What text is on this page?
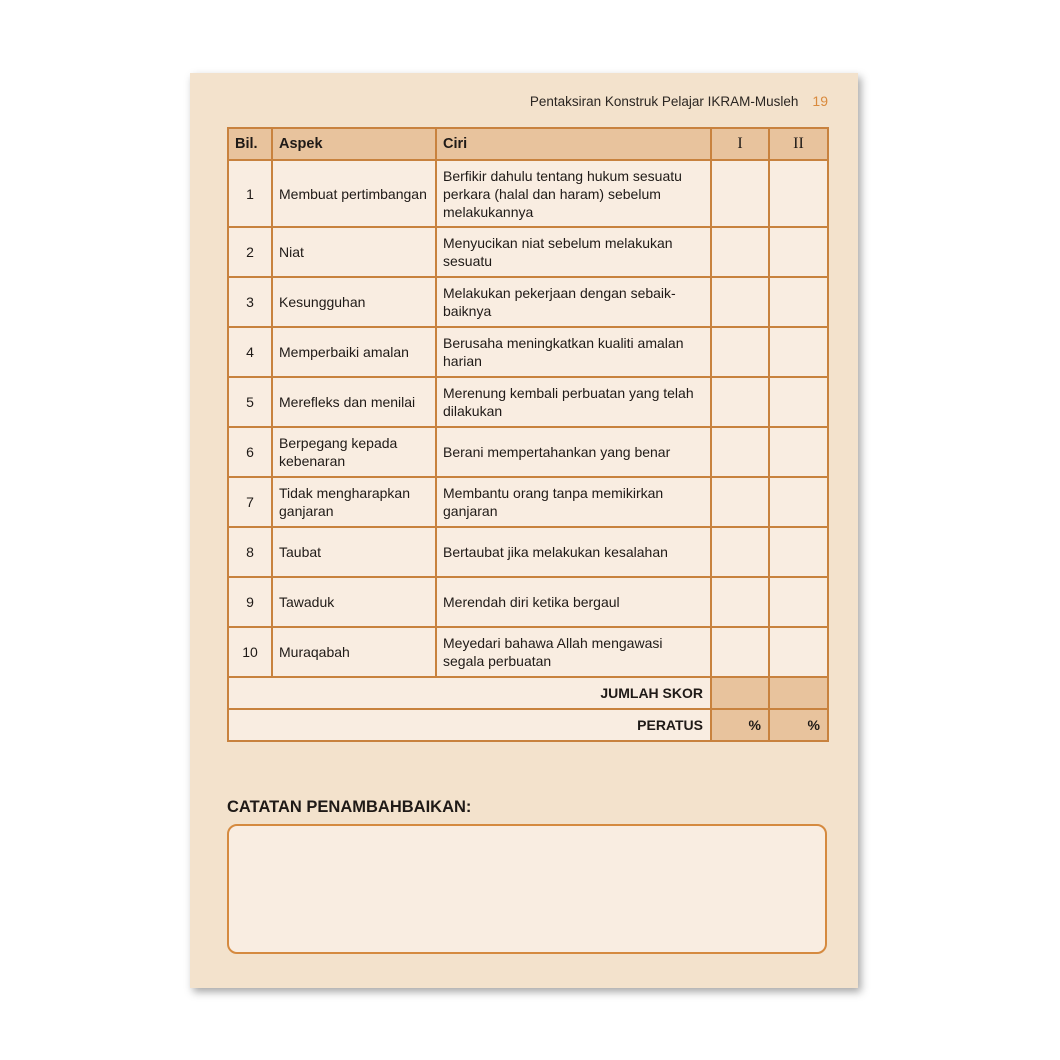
Pentaksiran Konstruk Pelajar IKRAM-Musleh 19
Bil.	Aspek	Ciri	I	II
1	Membuat pertimbangan	Berfikir dahulu tentang hukum sesuatu perkara (halal dan haram) sebelum melakukannya		
2	Niat	Menyucikan niat sebelum melakukan sesuatu		
3	Kesungguhan	Melakukan pekerjaan dengan sebaik-baiknya		
4	Memperbaiki amalan	Berusaha meningkatkan kualiti amalan harian		
5	Merefleks dan menilai	Merenung kembali perbuatan yang telah dilakukan		
6	Berpegang kepada kebenaran	Berani mempertahankan yang benar		
7	Tidak mengharapkan ganjaran	Membantu orang tanpa memikirkan ganjaran		
8	Taubat	Bertaubat jika melakukan kesalahan		
9	Tawaduk	Merendah diri ketika bergaul		
10	Muraqabah	Meyedari bahawa Allah mengawasi segala perbuatan		
JUMLAH SKOR				
PERATUS			%	%
CATATAN PENAMBAHBAIKAN:
